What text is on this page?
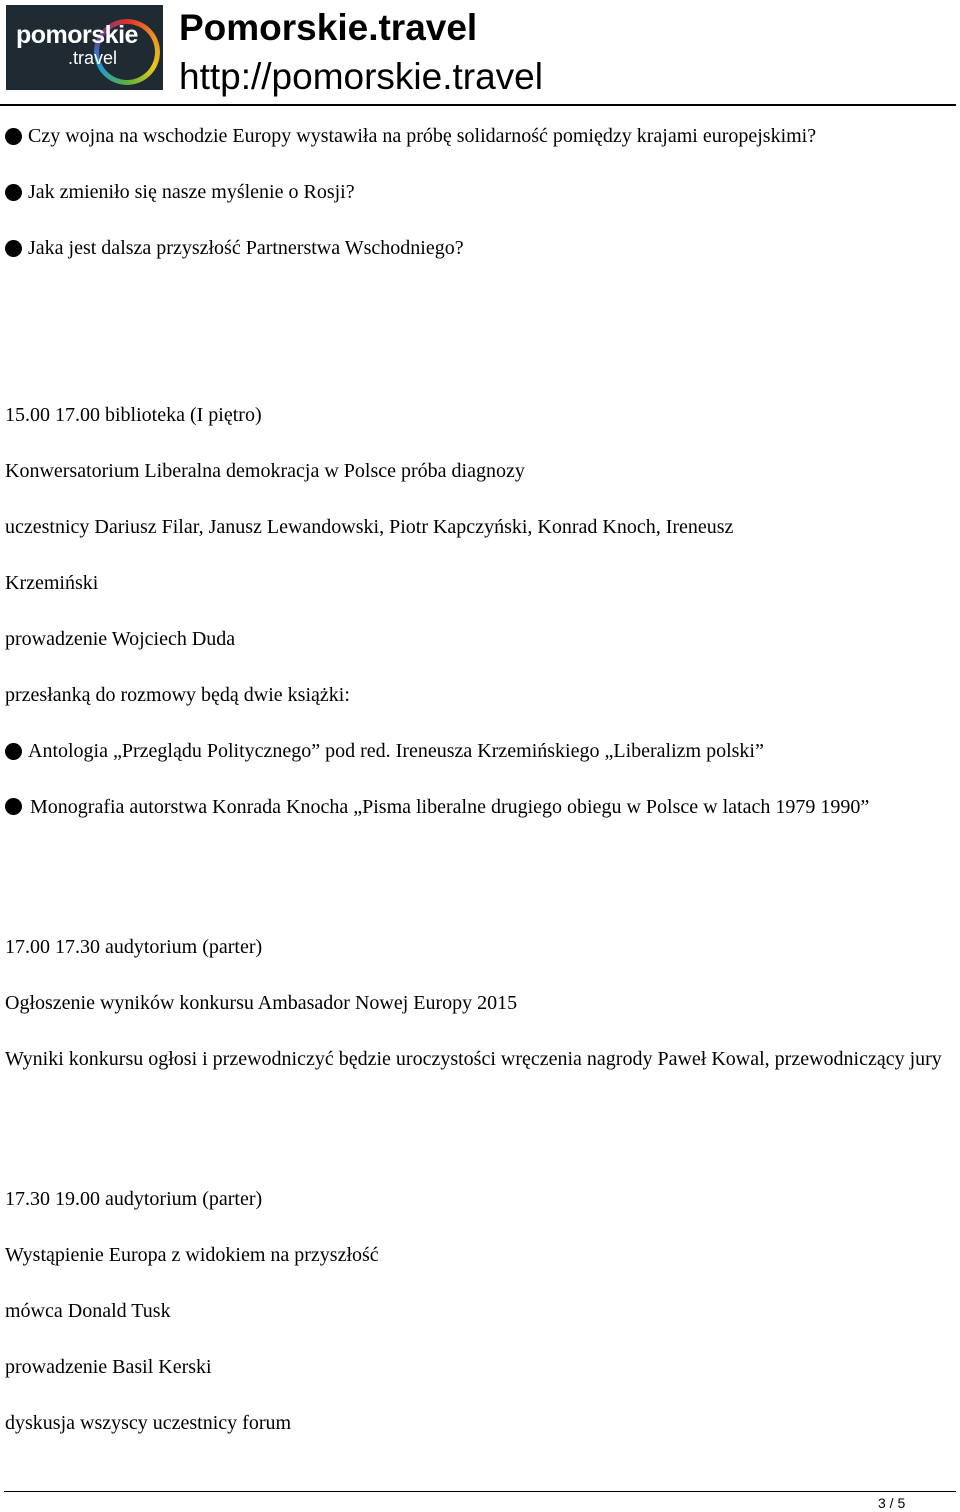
pomorskie
.travel
Pomorskie.travel
http://pomorskie.travel
Czy wojna na wschodzie Europy wystawiła na próbę solidarność pomiędzy krajami europejskimi?
Jak zmieniło się nasze myślenie o Rosji?
Jaka jest dalsza przyszłość Partnerstwa Wschodniego?
15.00 17.00 biblioteka (I piętro)
Konwersatorium Liberalna demokracja w Polsce próba diagnozy
uczestnicy Dariusz Filar, Janusz Lewandowski, Piotr Kapczyński, Konrad Knoch, Ireneusz
Krzemiński
prowadzenie Wojciech Duda
przesłanką do rozmowy będą dwie książki:
Antologia „Przeglądu Politycznego” pod red. Ireneusza Krzemińskiego „Liberalizm polski”
Monografia autorstwa Konrada Knocha „Pisma liberalne drugiego obiegu w Polsce w latach 1979 1990”
17.00 17.30 audytorium (parter)
Ogłoszenie wyników konkursu Ambasador Nowej Europy 2015
Wyniki konkursu ogłosi i przewodniczyć będzie uroczystości wręczenia nagrody Paweł Kowal, przewodniczący jury
17.30 19.00 audytorium (parter)
Wystąpienie Europa z widokiem na przyszłość
mówca Donald Tusk
prowadzenie Basil Kerski
dyskusja wszyscy uczestnicy forum
3 / 5
